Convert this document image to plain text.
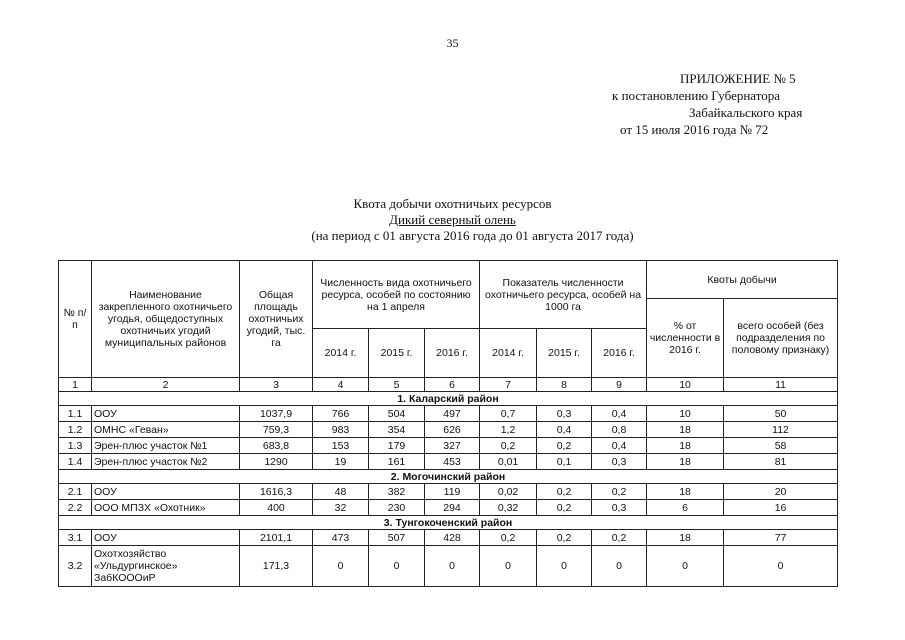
35
ПРИЛОЖЕНИЕ № 5
к постановлению Губернатора
Забайкальского края
от 15 июля 2016 года № 72
Квота добычи охотничьих ресурсов
Дикий северный олень
(на период с 01 августа 2016 года до 01 августа 2017 года)
№ п/п	Наименование закрепленного охотничьего угодья, общедоступных охотничьих угодий муниципальных районов	Общая площадь охотничьих угодий, тыс. га	Численность вида охотничьего ресурса, особей по состоянию на 1 апреля			Показатель численности охотничьего ресурса, особей на 1000 га			Квоты добычи	
									% от численности в 2016 г.	всего особей (без подразделения по половому признаку)
			2014 г.	2015 г.	2016 г.	2014 г.	2015 г.	2016 г.		
1	2	3	4	5	6	7	8	9	10	11
1. Каларский район										
1.1	ООУ	1037,9	766	504	497	0,7	0,3	0,4	10	50
1.2	ОМНС «Геван»	759,3	983	354	626	1,2	0,4	0,8	18	112
1.3	Эрен-плюс участок №1	683,8	153	179	327	0,2	0,2	0,4	18	58
1.4	Эрен-плюс участок №2	1290	19	161	453	0,01	0,1	0,3	18	81
2. Могочинский район										
2.1	ООУ	1616,3	48	382	119	0,02	0,2	0,2	18	20
2.2	ООО МПЗХ «Охотник»	400	32	230	294	0,32	0,2	0,3	6	16
3. Тунгокоченский район										
3.1	ООУ	2101,1	473	507	428	0,2	0,2	0,2	18	77
3.2	Охотхозяйство «Ульдургинское» ЗабКОООиР	171,3	0	0	0	0	0	0	0	0
